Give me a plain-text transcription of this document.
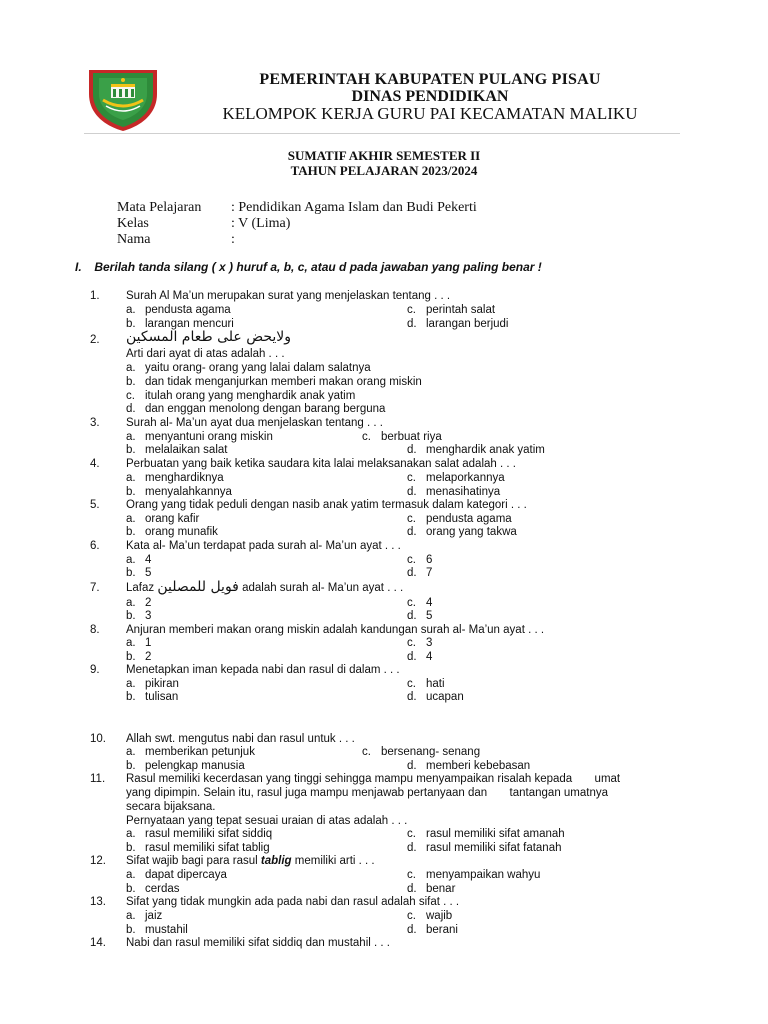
PEMERINTAH KABUPATEN PULANG PISAU
DINAS PENDIDIKAN
KELOMPOK KERJA GURU PAI KECAMATAN MALIKU
SUMATIF AKHIR SEMESTER II
TAHUN PELAJARAN 2023/2024
Mata Pelajaran : Pendidikan Agama Islam dan Budi Pekerti
Kelas	: V (Lima)
Nama	:
I. Berilah tanda silang ( x ) huruf a, b, c, atau d pada jawaban yang paling benar !
1. Surah Al Ma’un merupakan surat yang menjelaskan tentang . . .
a. pendusta agama	c. perintah salat
b. larangan mencuri	d. larangan berjudi
2. ولايحض على طعام المسكين
Arti dari ayat di atas adalah . . .
a. yaitu orang- orang yang lalai dalam salatnya
b. dan tidak menganjurkan memberi makan orang miskin
c. itulah orang yang menghardik anak yatim
d. dan enggan menolong dengan barang berguna
3. Surah al- Ma’un ayat dua menjelaskan tentang . . .
a. menyantuni orang miskin	c. berbuat riya
b. melalaikan salat	d. menghardik anak yatim
4. Perbuatan yang baik ketika saudara kita lalai melaksanakan salat adalah . . .
a. menghardiknya	c. melaporkannya
b. menyalahkannya	d. menasihatinya
5. Orang yang tidak peduli dengan nasib anak yatim termasuk dalam kategori . . .
a. orang kafir	c. pendusta agama
b. orang munafik	d. orang yang takwa
6. Kata al- Ma’un terdapat pada surah al- Ma’un ayat . . .
a. 4	c. 6
b. 5	d. 7
7. Lafaz فويل للمصلين adalah surah al- Ma’un ayat . . .
a. 2	c. 4
b. 3	d. 5
8. Anjuran memberi makan orang miskin adalah kandungan surah al- Ma’un ayat . . .
a. 1	c. 3
b. 2	d. 4
9. Menetapkan iman kepada nabi dan rasul di dalam . . .
a. pikiran	c. hati
b. tulisan	d. ucapan
10. Allah swt. mengutus nabi dan rasul untuk . . .
a. memberikan petunjuk	c. bersenang- senang
b. pelengkap manusia	d. memberi kebebasan
11. Rasul memiliki kecerdasan yang tinggi sehingga mampu menyampaikan risalah kepada       umat
yang dipimpin. Selain itu, rasul juga mampu menjawab pertanyaan dan       tantangan umatnya
secara bijaksana.
Pernyataan yang tepat sesuai uraian di atas adalah . . .
a. rasul memiliki sifat siddiq	c. rasul memiliki sifat amanah
b. rasul memiliki sifat tablig	d. rasul memiliki sifat fatanah
12. Sifat wajib bagi para rasul tablig memiliki arti . . .
a. dapat dipercaya	c. menyampaikan wahyu
b. cerdas	d. benar
13. Sifat yang tidak mungkin ada pada nabi dan rasul adalah sifat . . .
a. jaiz	c. wajib
b. mustahil	d. berani
14. Nabi dan rasul memiliki sifat siddiq dan mustahil . . .
